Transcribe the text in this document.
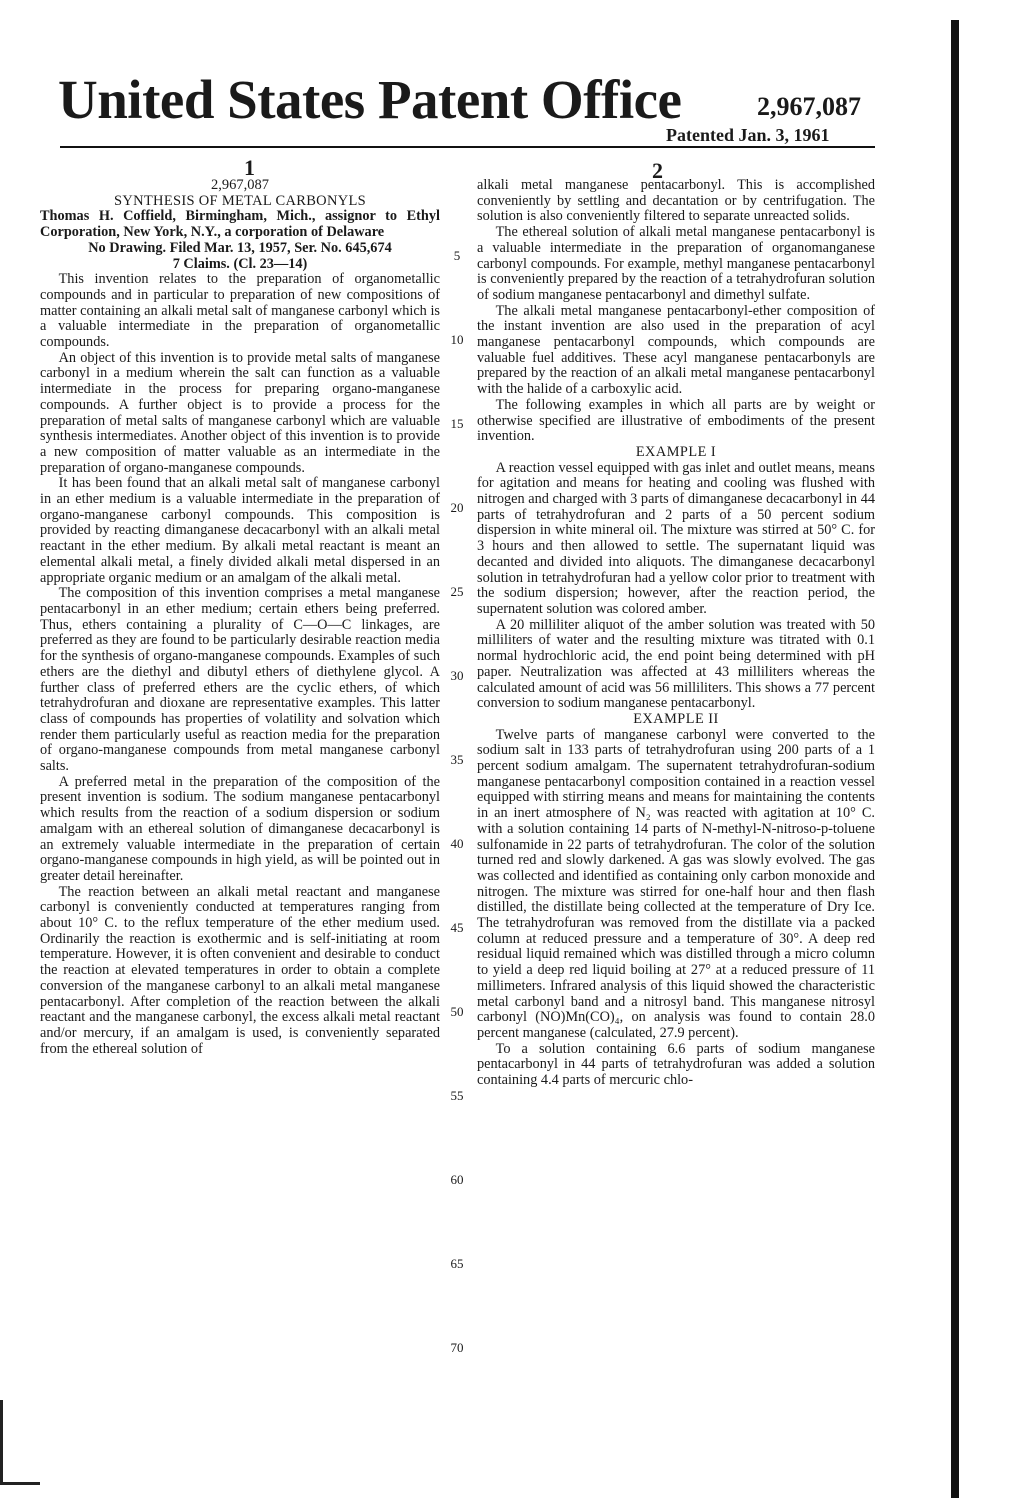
United States Patent Office	2,967,087
Patented Jan. 3, 1961
1	2

2,967,087

SYNTHESIS OF METAL CARBONYLS

Thomas H. Coffield, Birmingham, Mich., assignor to Ethyl Corporation, New York, N.Y., a corporation of Delaware

No Drawing. Filed Mar. 13, 1957, Ser. No. 645,674

7 Claims. (Cl. 23—14)

This invention relates to the preparation of organometallic compounds and in particular to preparation of new compositions of matter containing an alkali metal salt of manganese carbonyl which is a valuable intermediate in the preparation of organometallic compounds.

An object of this invention is to provide metal salts of manganese carbonyl in a medium wherein the salt can function as a valuable intermediate in the process for preparing organo-manganese compounds. A further object is to provide a process for the preparation of metal salts of manganese carbonyl which are valuable synthesis intermediates. Another object of this invention is to provide a new composition of matter valuable as an intermediate in the preparation of organo-manganese compounds.

It has been found that an alkali metal salt of manganese carbonyl in an ether medium is a valuable intermediate in the preparation of organo-manganese carbonyl compounds. This composition is provided by reacting dimanganese decacarbonyl with an alkali metal reactant in the ether medium. By alkali metal reactant is meant an elemental alkali metal, a finely divided alkali metal dispersed in an appropriate organic medium or an amalgam of the alkali metal.

The composition of this invention comprises a metal manganese pentacarbonyl in an ether medium; certain ethers being preferred. Thus, ethers containing a plurality of C—O—C linkages, are preferred as they are found to be particularly desirable reaction media for the synthesis of organo-manganese compounds. Examples of such ethers are the diethyl and dibutyl ethers of diethylene glycol. A further class of preferred ethers are the cyclic ethers, of which tetrahydrofuran and dioxane are representative examples. This latter class of compounds has properties of volatility and solvation which render them particularly useful as reaction media for the preparation of organo-manganese compounds from metal manganese carbonyl salts.

A preferred metal in the preparation of the composition of the present invention is sodium. The sodium manganese pentacarbonyl which results from the reaction of a sodium dispersion or sodium amalgam with an ethereal solution of dimanganese decacarbonyl is an extremely valuable intermediate in the preparation of certain organo-manganese compounds in high yield, as will be pointed out in greater detail hereinafter.

The reaction between an alkali metal reactant and manganese carbonyl is conveniently conducted at temperatures ranging from about 10° C. to the reflux temperature of the ether medium used. Ordinarily the reaction is exothermic and is self-initiating at room temperature. However, it is often convenient and desirable to conduct the reaction at elevated temperatures in order to obtain a complete conversion of the manganese carbonyl to an alkali metal manganese pentacarbonyl. After completion of the reaction between the alkali reactant and the manganese carbonyl, the excess alkali metal reactant and/or mercury, if an amalgam is used, is conveniently separated from the ethereal solution of

alkali metal manganese pentacarbonyl. This is accomplished conveniently by settling and decantation or by centrifugation. The solution is also conveniently filtered to separate unreacted solids.

The ethereal solution of alkali metal manganese pentacarbonyl is a valuable intermediate in the preparation of organomanganese carbonyl compounds. For example, methyl manganese pentacarbonyl is conveniently prepared by the reaction of a tetrahydrofuran solution of sodium manganese pentacarbonyl and dimethyl sulfate.

The alkali metal manganese pentacarbonyl-ether composition of the instant invention are also used in the preparation of acyl manganese pentacarbonyl compounds, which compounds are valuable fuel additives. These acyl manganese pentacarbonyls are prepared by the reaction of an alkali metal manganese pentacarbonyl with the halide of a carboxylic acid.

The following examples in which all parts are by weight or otherwise specified are illustrative of embodiments of the present invention.

EXAMPLE I

A reaction vessel equipped with gas inlet and outlet means, means for agitation and means for heating and cooling was flushed with nitrogen and charged with 3 parts of dimanganese decacarbonyl in 44 parts of tetrahydrofuran and 2 parts of a 50 percent sodium dispersion in white mineral oil. The mixture was stirred at 50° C. for 3 hours and then allowed to settle. The supernatant liquid was decanted and divided into aliquots. The dimanganese decacarbonyl solution in tetrahydrofuran had a yellow color prior to treatment with the sodium dispersion; however, after the reaction period, the supernatent solution was colored amber.

A 20 milliliter aliquot of the amber solution was treated with 50 milliliters of water and the resulting mixture was titrated with 0.1 normal hydrochloric acid, the end point being determined with pH paper. Neutralization was affected at 43 milliliters whereas the calculated amount of acid was 56 milliliters. This shows a 77 percent conversion to sodium manganese pentacarbonyl.

EXAMPLE II

Twelve parts of manganese carbonyl were converted to the sodium salt in 133 parts of tetrahydrofuran using 200 parts of a 1 percent sodium amalgam. The supernatent tetrahydrofuran-sodium manganese pentacarbonyl composition contained in a reaction vessel equipped with stirring means and means for maintaining the contents in an inert atmosphere of N₂ was reacted with agitation at 10° C. with a solution containing 14 parts of N-methyl-N-nitroso-p-toluene sulfonamide in 22 parts of tetrahydrofuran. The color of the solution turned red and slowly darkened. A gas was slowly evolved. The gas was collected and identified as containing only carbon monoxide and nitrogen. The mixture was stirred for one-half hour and then flash distilled, the distillate being collected at the temperature of Dry Ice. The tetrahydrofuran was removed from the distillate via a packed column at reduced pressure and a temperature of 30°. A deep red residual liquid remained which was distilled through a micro column to yield a deep red liquid boiling at 27° at a reduced pressure of 11 millimeters. Infrared analysis of this liquid showed the characteristic metal carbonyl band and a nitrosyl band. This manganese nitrosyl carbonyl (NO)Mn(CO)₄, on analysis was found to contain 28.0 percent manganese (calculated, 27.9 percent).

To a solution containing 6.6 parts of sodium manganese pentacarbonyl in 44 parts of tetrahydrofuran was added a solution containing 4.4 parts of mercuric chlo-

5
10
15
20
25
30
35
40
45
50
55
60
65
70
